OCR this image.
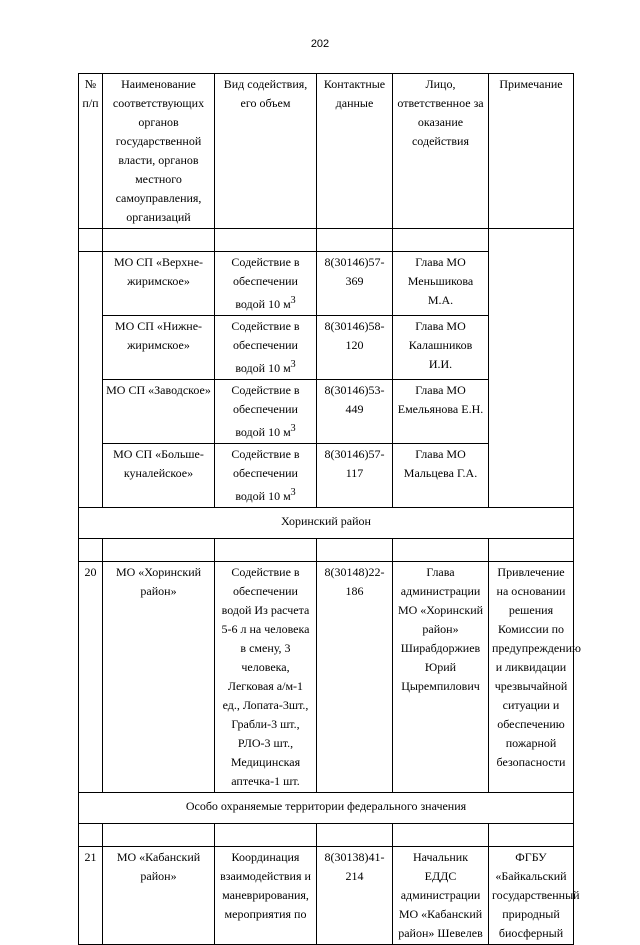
202
№ п/п	Наименование соответствующих органов государственной власти, органов местного самоуправления, организаций	Вид содействия, его объем	Контактные данные	Лицо, ответственное за оказание содействия	Примечание

	МО СП «Верхне-жиримское»	Содействие в обеспечении водой 10 $м^3$	8(30146)57-369	Глава МО Меньшикова М.А.	
	МО СП «Нижне-жиримское»	Содействие в обеспечении водой 10 $м^3$	8(30146)58-120	Глава МО Калашников И.И.	
	МО СП «Заводское»	Содействие в обеспечении водой 10 $м^3$	8(30146)53-449	Глава МО Емельянова Е.Н.	
	МО СП «Больше-куналейское»	Содействие в обеспечении водой 10 $м^3$	8(30146)57-117	Глава МО Мальцева Г.А.	
Хоринский район					

20	МО «Хоринский район»	Содействие в обеспечении водой Из расчета 5-6 л на человека в смену, 3 человека, Легковая а/м-1 ед., Лопата-3шт., Грабли-3 шт., РЛО-3 шт., Медицинская аптечка-1 шт.	8(30148)22-186	Глава администрации МО «Хоринский район» Ширабдоржиев Юрий Цыремпилович	Привлечение на основании решения Комиссии по предупреждению и ликвидации чрезвычайной ситуации и обеспечению пожарной безопасности
Особо охраняемые территории федерального значения					

21	МО «Кабанский район»	Координация взаимодействия и маневрирования, мероприятия по	8(30138)41-214	Начальник ЕДДС администрации МО «Кабанский район» Шевелев	ФГБУ «Байкальский государственный природный биосферный
